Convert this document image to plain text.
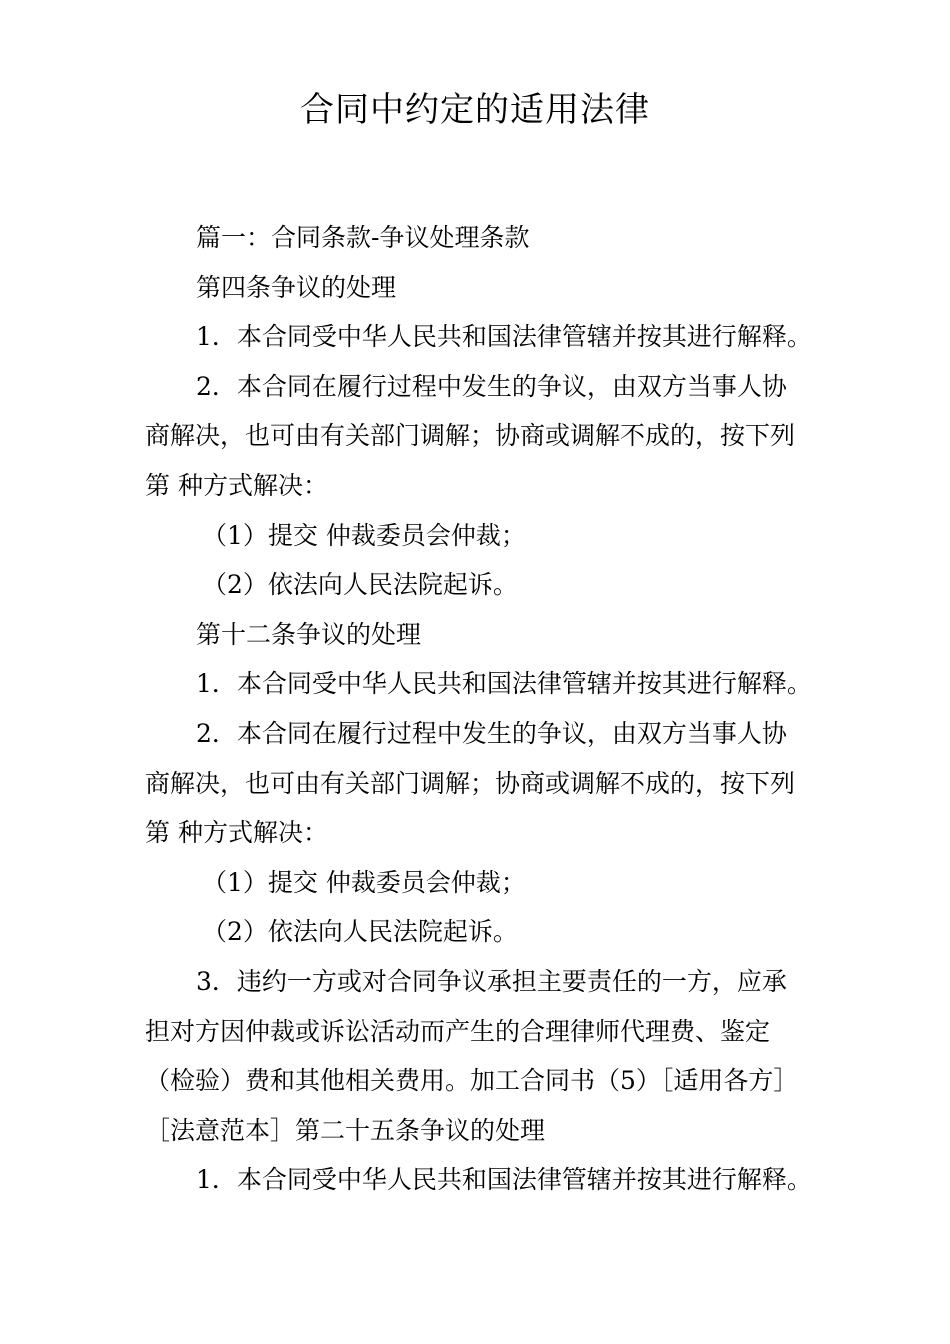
合同中约定的适用法律
篇一：合同条款-争议处理条款
第四条争议的处理
1．本合同受中华人民共和国法律管辖并按其进行解释。
2．本合同在履行过程中发生的争议，由双方当事人协
商解决，也可由有关部门调解；协商或调解不成的，按下列
第 种方式解决：
（1）提交 仲裁委员会仲裁；
（2）依法向人民法院起诉。
第十二条争议的处理
1．本合同受中华人民共和国法律管辖并按其进行解释。
2．本合同在履行过程中发生的争议，由双方当事人协
商解决，也可由有关部门调解；协商或调解不成的，按下列
第 种方式解决：
（1）提交 仲裁委员会仲裁；
（2）依法向人民法院起诉。
3．违约一方或对合同争议承担主要责任的一方，应承
担对方因仲裁或诉讼活动而产生的合理律师代理费、鉴定
（检验）费和其他相关费用。加工合同书（5）［适用各方］
［法意范本］第二十五条争议的处理
1．本合同受中华人民共和国法律管辖并按其进行解释。
